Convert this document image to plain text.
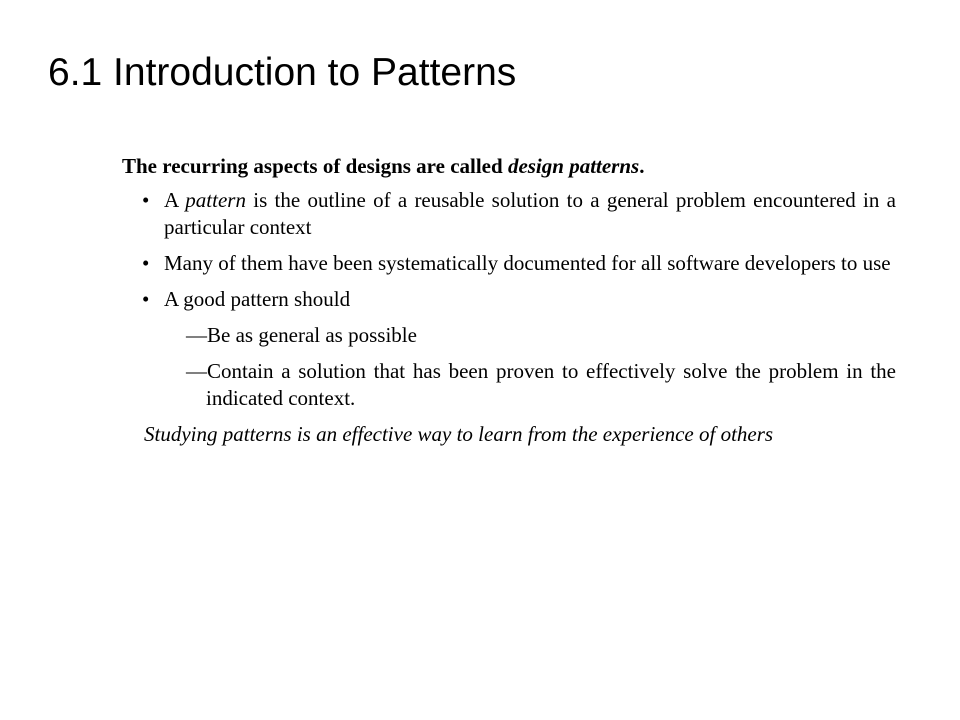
6.1 Introduction to Patterns

The recurring aspects of designs are called design patterns.

• A pattern is the outline of a reusable solution to a general problem encountered in a particular context

• Many of them have been systematically documented for all software developers to use

• A good pattern should

—Be as general as possible

—Contain a solution that has been proven to effectively solve the problem in the indicated context.

Studying patterns is an effective way to learn from the experience of others
